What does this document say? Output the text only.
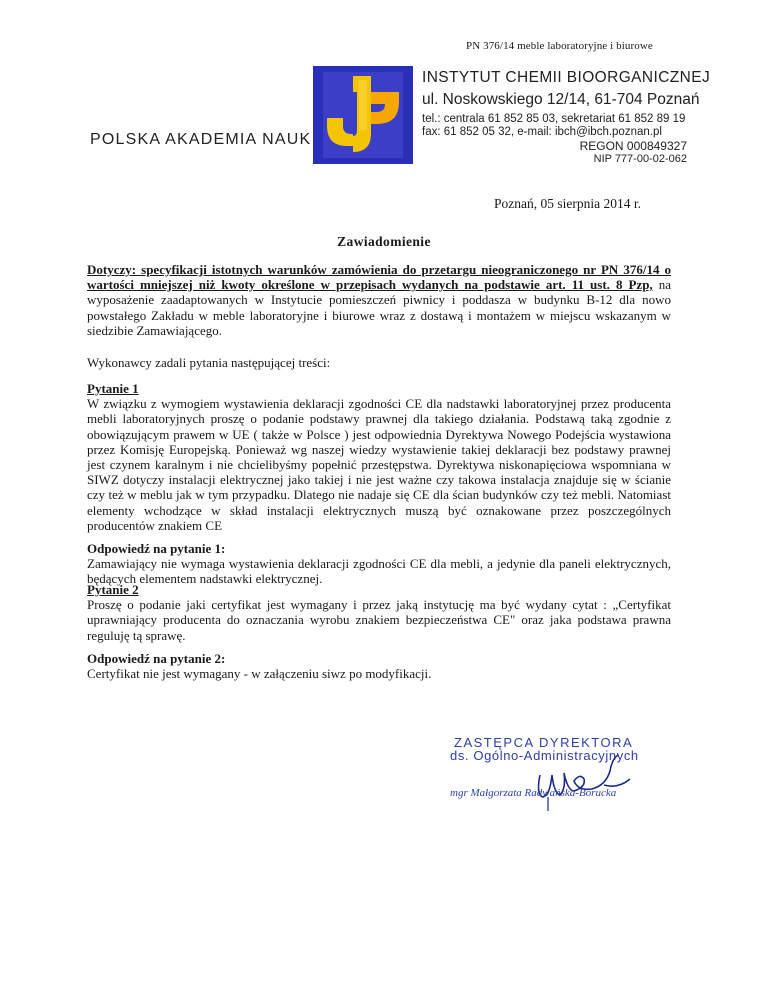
PN 376/14 meble laboratoryjne i biurowe
POLSKA AKADEMIA NAUK
INSTYTUT CHEMII BIOORGANICZNEJ
ul. Noskowskiego 12/14, 61-704 Poznań
tel.: centrala 61 852 85 03, sekretariat 61 852 89 19
fax: 61 852 05 32, e-mail: ibch@ibch.poznan.pl
REGON 000849327
NIP 777-00-02-062
Poznań, 05 sierpnia 2014 r.
Zawiadomienie
Dotyczy: specyfikacji istotnych warunków zamówienia do przetargu nieograniczonego nr PN 376/14 o wartości mniejszej niż kwoty określone w przepisach wydanych na podstawie art. 11 ust. 8 Pzp, na wyposażenie zaadaptowanych w Instytucie pomieszczeń piwnicy i poddasza w budynku B-12 dla nowo powstałego Zakładu w meble laboratoryjne i biurowe wraz z dostawą i montażem w miejscu wskazanym w siedzibie Zamawiającego.
Wykonawcy zadali pytania następującej treści:
Pytanie 1
W związku z wymogiem wystawienia deklaracji zgodności CE dla nadstawki laboratoryjnej przez producenta mebli laboratoryjnych proszę o podanie podstawy prawnej dla takiego działania. Podstawą taką zgodnie z obowiązującym prawem w UE ( także w Polsce ) jest odpowiednia Dyrektywa Nowego Podejścia wystawiona przez Komisję Europejską. Ponieważ wg naszej wiedzy wystawienie takiej deklaracji bez podstawy prawnej jest czynem karalnym i nie chcielibyśmy popełnić przestępstwa. Dyrektywa niskonapięciowa wspomniana w SIWZ dotyczy instalacji elektrycznej jako takiej i nie jest ważne czy takowa instalacja znajduje się w ścianie czy też w meblu jak w tym przypadku. Dlatego nie nadaje się CE dla ścian budynków czy też mebli. Natomiast elementy wchodzące w skład instalacji elektrycznych muszą być oznakowane przez poszczególnych producentów znakiem CE
Odpowiedź na pytanie 1:
Zamawiający nie wymaga wystawienia deklaracji zgodności CE dla mebli, a jedynie dla paneli elektrycznych, będących elementem nadstawki elektrycznej.
Pytanie 2
Proszę o podanie jaki certyfikat jest wymagany i przez jaką instytucję ma być wydany cytat : „Certyfikat uprawniający producenta do oznaczania wyrobu znakiem bezpieczeństwa CE" oraz jaka podstawa prawna reguluję tą sprawę.
Odpowiedź na pytanie 2:
Certyfikat nie jest wymagany - w załączeniu siwz po modyfikacji.
ZASTĘPCA DYREKTORA
ds. Ogólno-Administracyjnych
mgr Małgorzata Radwańska-Borucka
